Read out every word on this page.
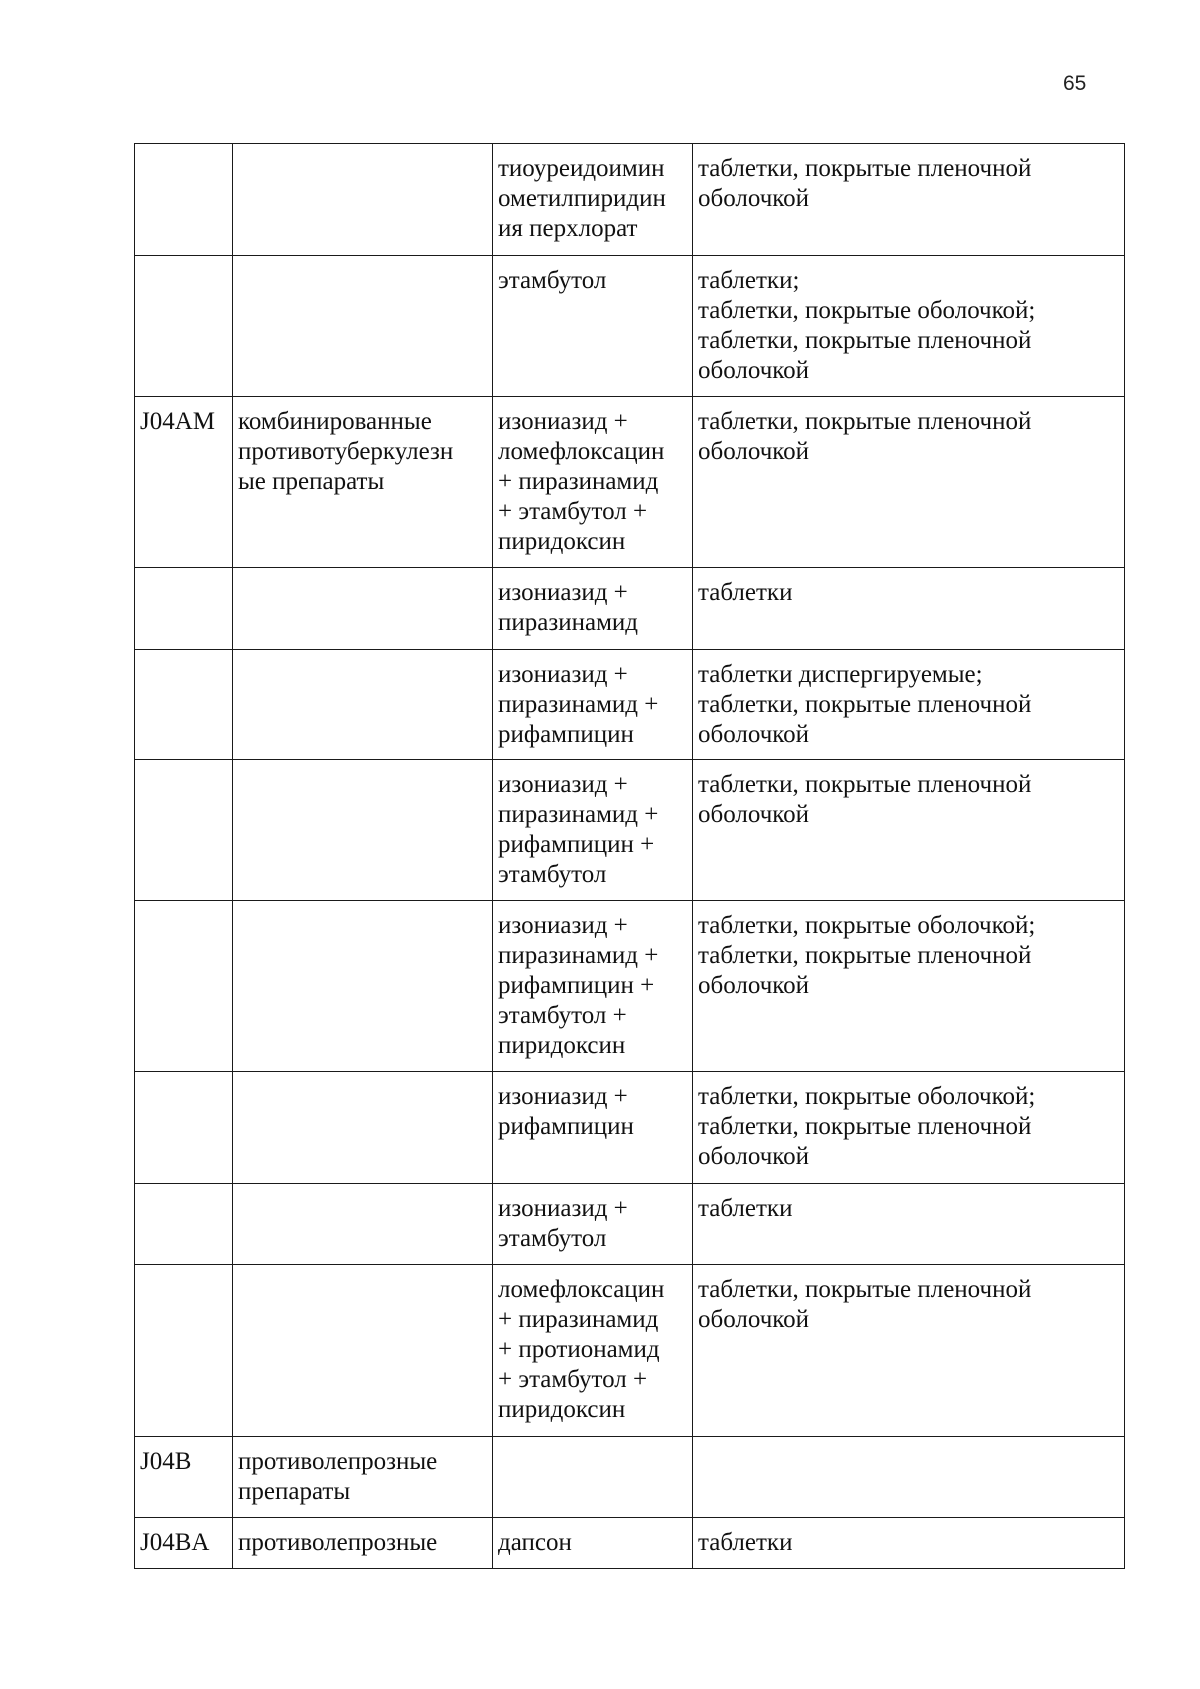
65
		тиоуреидоимин
ометилпиридин
ия перхлорат	таблетки, покрытые пленочной
оболочкой
		этамбутол	таблетки;
таблетки, покрытые оболочкой;
таблетки, покрытые пленочной
оболочкой
J04AM	комбинированные
противотуберкулезн
ые препараты	изониазид +
ломефлоксацин
+ пиразинамид
+ этамбутол +
пиридоксин	таблетки, покрытые пленочной
оболочкой
		изониазид +
пиразинамид	таблетки
		изониазид +
пиразинамид +
рифампицин	таблетки диспергируемые;
таблетки, покрытые пленочной
оболочкой
		изониазид +
пиразинамид +
рифампицин +
этамбутол	таблетки, покрытые пленочной
оболочкой
		изониазид +
пиразинамид +
рифампицин +
этамбутол +
пиридоксин	таблетки, покрытые оболочкой;
таблетки, покрытые пленочной
оболочкой
		изониазид +
рифампицин	таблетки, покрытые оболочкой;
таблетки, покрытые пленочной
оболочкой
		изониазид +
этамбутол	таблетки
		ломефлоксацин
+ пиразинамид
+ протионамид
+ этамбутол +
пиридоксин	таблетки, покрытые пленочной
оболочкой
J04B	противолепрозные
препараты		
J04BA	противолепрозные	дапсон	таблетки
